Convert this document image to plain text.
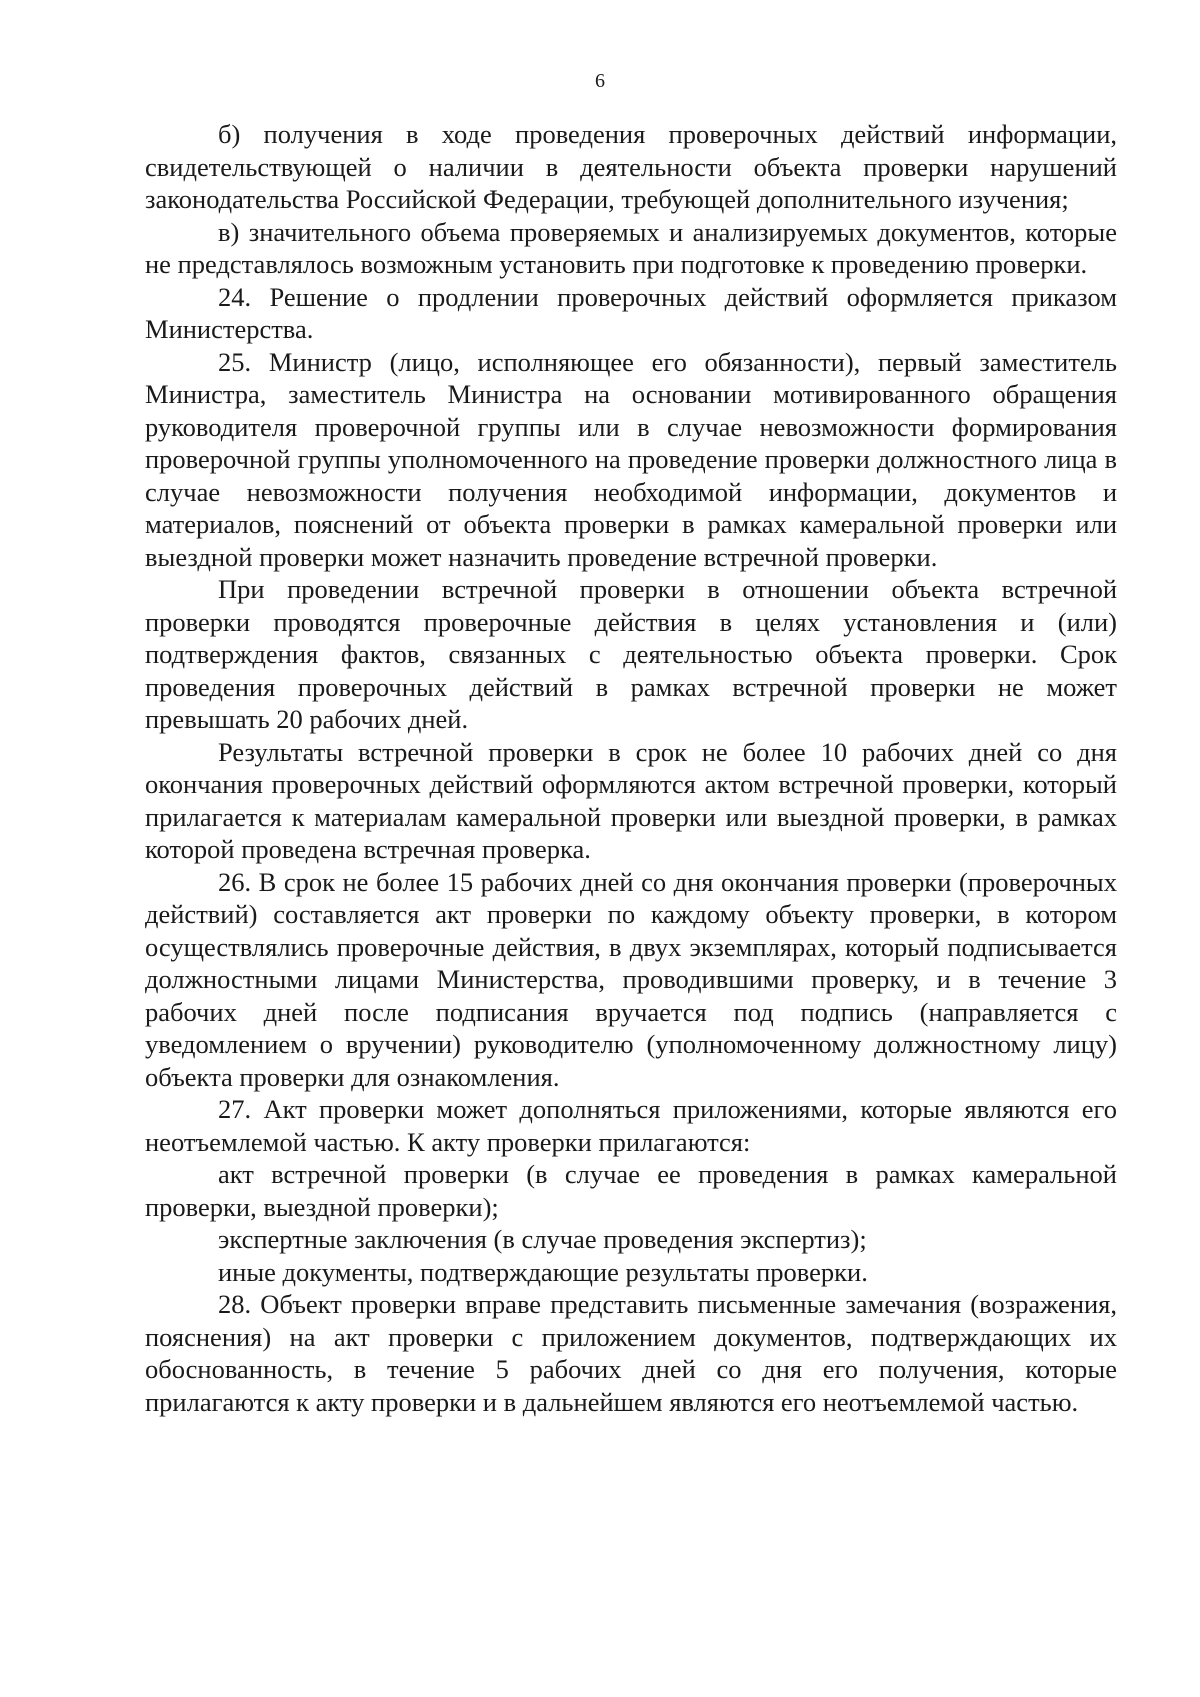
6

б) получения в ходе проведения проверочных действий информации, свидетельствующей о наличии в деятельности объекта проверки нарушений законодательства Российской Федерации, требующей дополнительного изучения;

в) значительного объема проверяемых и анализируемых документов, которые не представлялось возможным установить при подготовке к проведению проверки.

24. Решение о продлении проверочных действий оформляется приказом Министерства.

25. Министр (лицо, исполняющее его обязанности), первый заместитель Министра, заместитель Министра на основании мотивированного обращения руководителя проверочной группы или в случае невозможности формирования проверочной группы уполномоченного на проведение проверки должностного лица в случае невозможности получения необходимой информации, документов и материалов, пояснений от объекта проверки в рамках камеральной проверки или выездной проверки может назначить проведение встречной проверки.

При проведении встречной проверки в отношении объекта встречной проверки проводятся проверочные действия в целях установления и (или) подтверждения фактов, связанных с деятельностью объекта проверки. Срок проведения проверочных действий в рамках встречной проверки не может превышать 20 рабочих дней.

Результаты встречной проверки в срок не более 10 рабочих дней со дня окончания проверочных действий оформляются актом встречной проверки, который прилагается к материалам камеральной проверки или выездной проверки, в рамках которой проведена встречная проверка.

26. В срок не более 15 рабочих дней со дня окончания проверки (проверочных действий) составляется акт проверки по каждому объекту проверки, в котором осуществлялись проверочные действия, в двух экземплярах, который подписывается должностными лицами Министерства, проводившими проверку, и в течение 3 рабочих дней после подписания вручается под подпись (направляется с уведомлением о вручении) руководителю (уполномоченному должностному лицу) объекта проверки для ознакомления.

27. Акт проверки может дополняться приложениями, которые являются его неотъемлемой частью. К акту проверки прилагаются:

акт встречной проверки (в случае ее проведения в рамках камеральной проверки, выездной проверки);

экспертные заключения (в случае проведения экспертиз);

иные документы, подтверждающие результаты проверки.

28. Объект проверки вправе представить письменные замечания (возражения, пояснения) на акт проверки с приложением документов, подтверждающих их обоснованность, в течение 5 рабочих дней со дня его получения, которые прилагаются к акту проверки и в дальнейшем являются его неотъемлемой частью.
